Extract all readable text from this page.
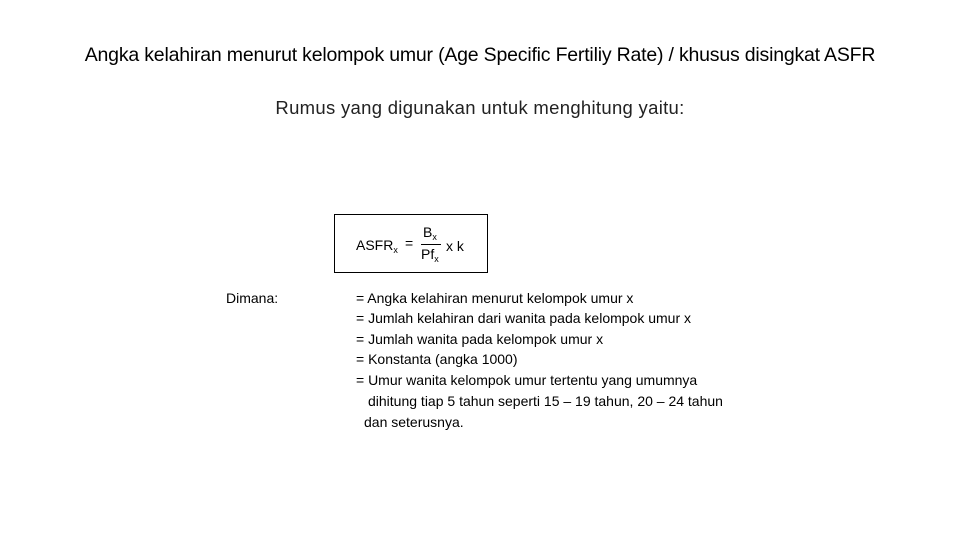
Angka kelahiran menurut kelompok umur (Age Specific Fertiliy Rate) / khusus disingkat ASFR
Rumus yang digunakan untuk menghitung yaitu:
$ASFR_x$ =
$B_x$
$Pf_x$
x k
Dimana:	= Angka kelahiran menurut kelompok umur x
= Jumlah kelahiran dari wanita pada kelompok umur x
= Jumlah wanita pada kelompok umur x
= Konstanta (angka 1000)
= Umur wanita kelompok umur tertentu yang umumnya
dihitung tiap 5 tahun seperti 15 – 19 tahun, 20 – 24 tahun
dan seterusnya.
